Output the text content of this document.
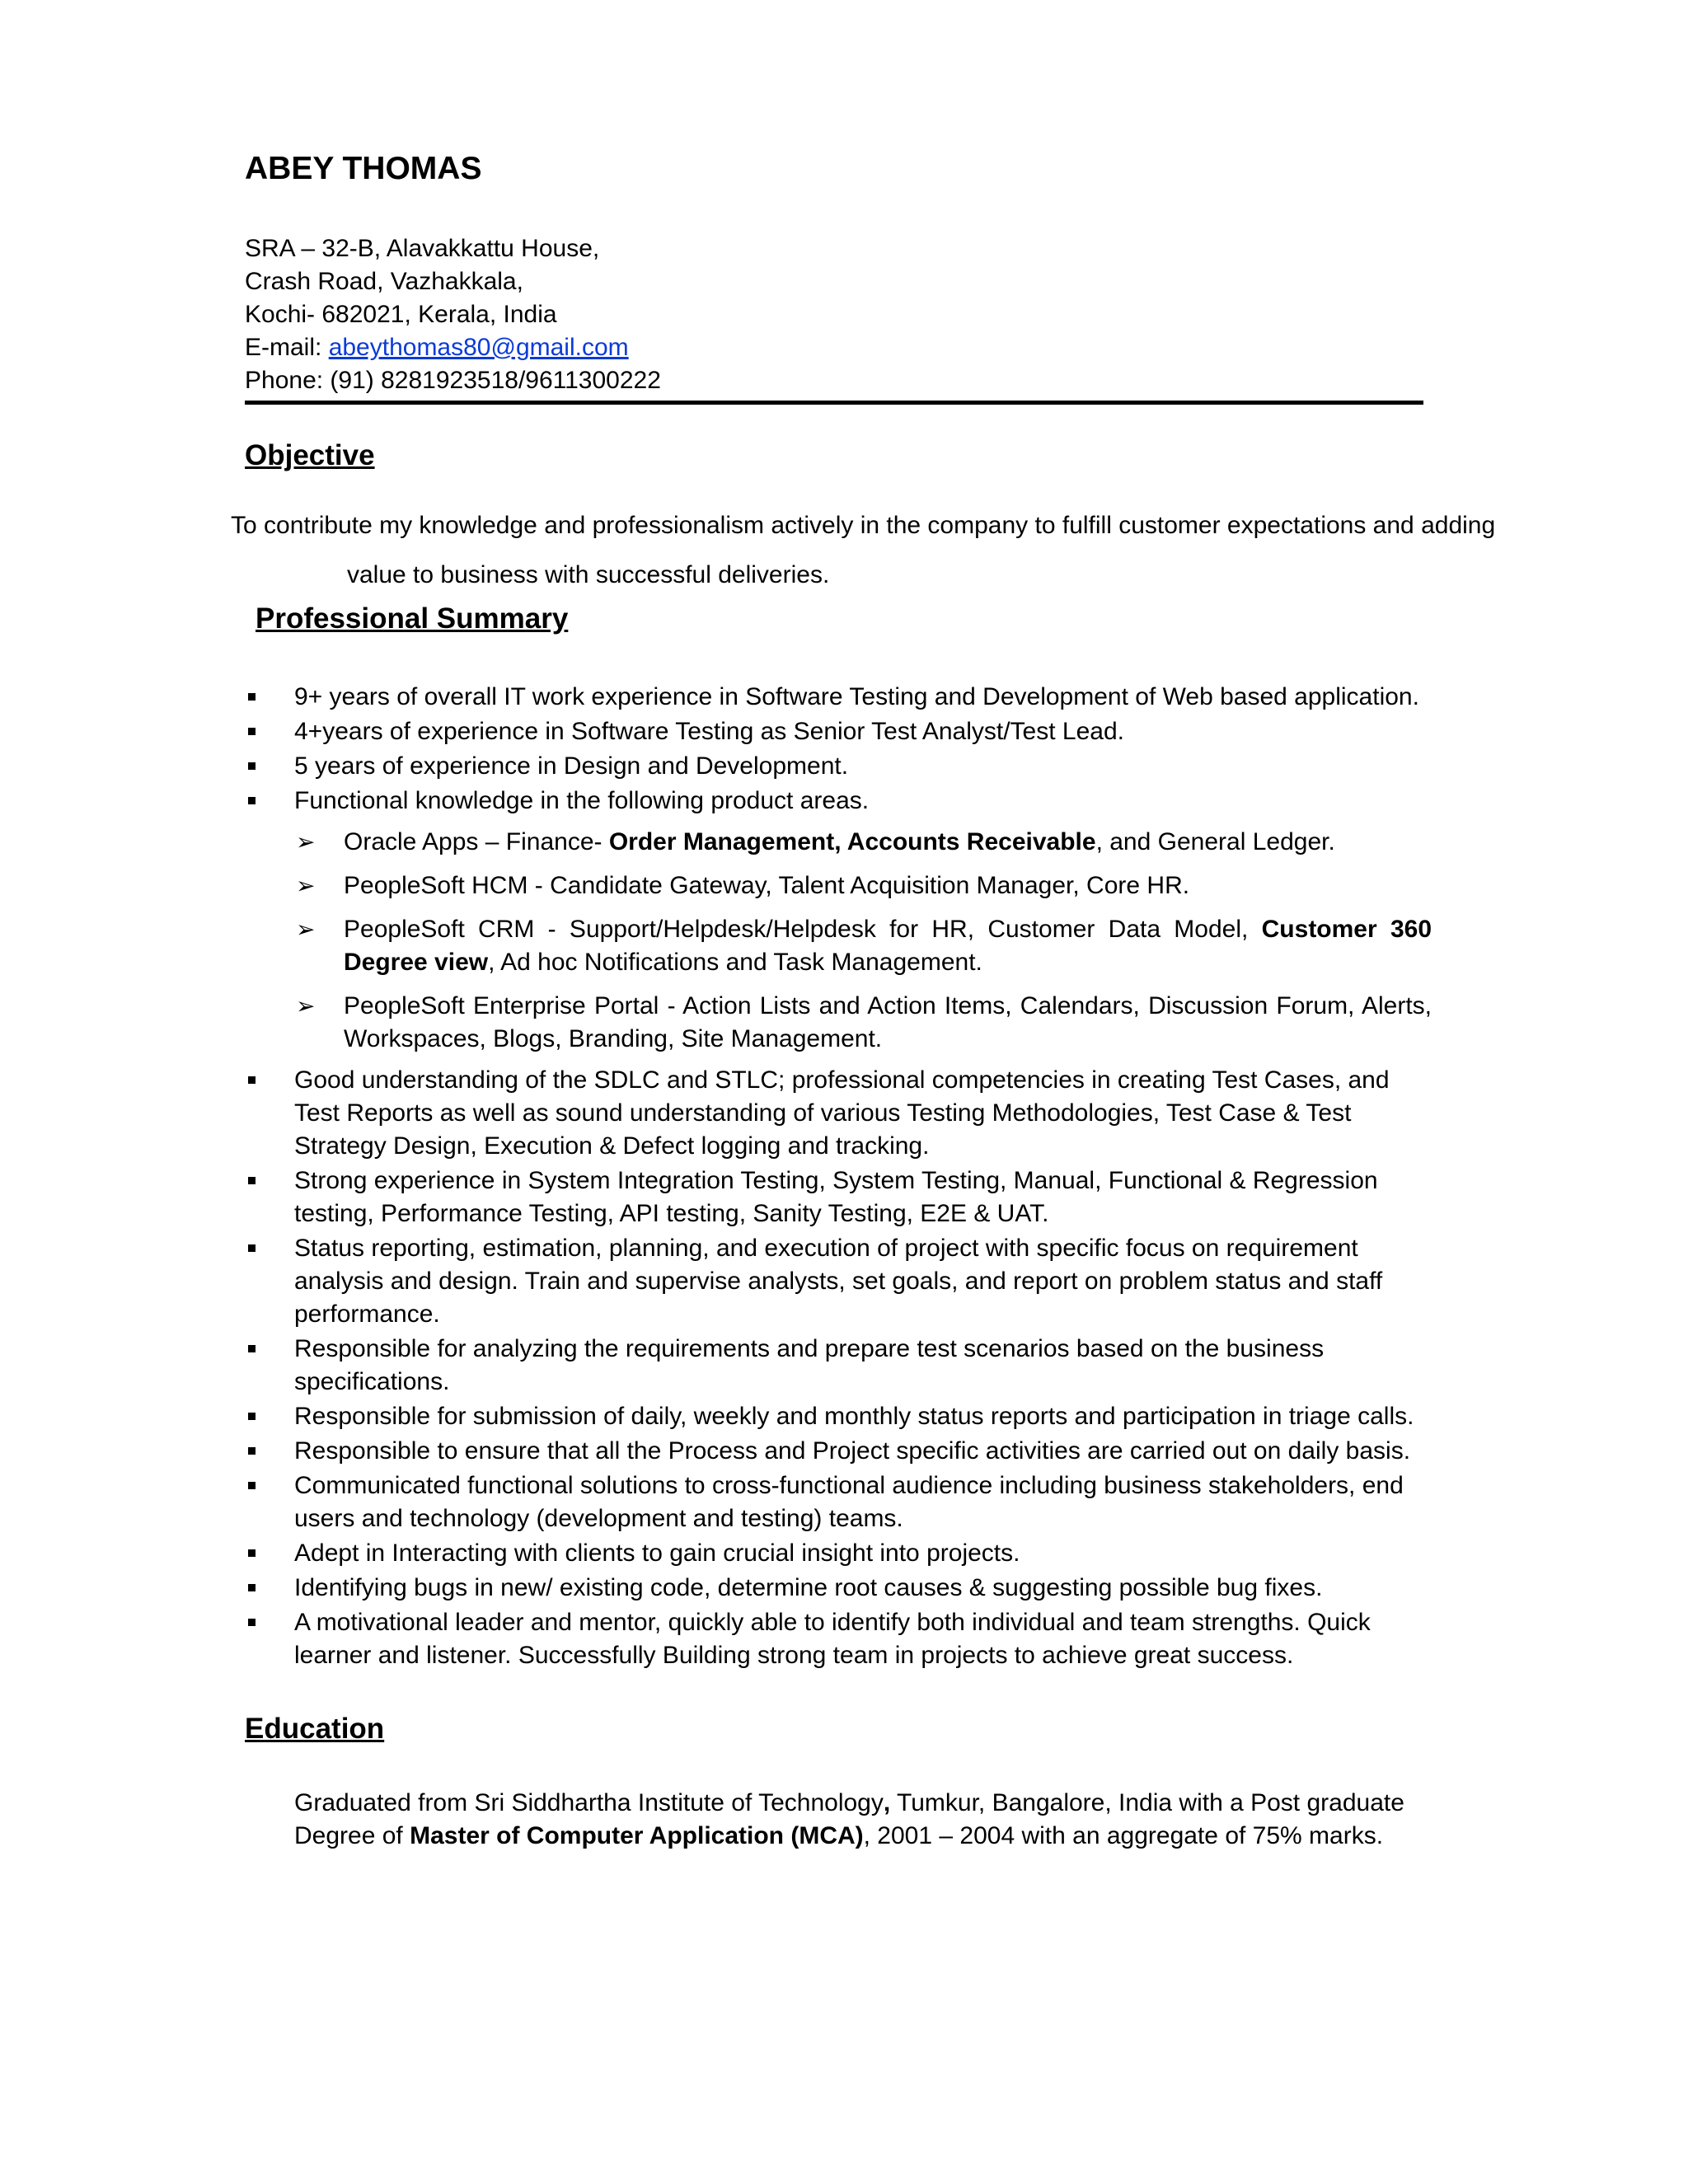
ABEY THOMAS
SRA – 32-B, Alavakkattu House,
Crash Road, Vazhakkala,
Kochi- 682021, Kerala, India
E-mail: abeythomas80@gmail.com
Phone: (91) 8281923518/9611300222
Objective
To contribute my knowledge and professionalism actively in the company to fulfill customer expectations and adding
value to business with successful deliveries.
Professional Summary
9+ years of overall IT work experience in Software Testing and Development of Web based application.
4+years of experience in Software Testing as Senior Test Analyst/Test Lead.
5 years of experience in Design and Development.
Functional knowledge in the following product areas.
➢ Oracle Apps – Finance- Order Management, Accounts Receivable, and General Ledger.
➢ PeopleSoft HCM - Candidate Gateway, Talent Acquisition Manager, Core HR.
➢ PeopleSoft CRM - Support/Helpdesk/Helpdesk for HR, Customer Data Model, Customer 360 Degree view, Ad hoc Notifications and Task Management.
➢ PeopleSoft Enterprise Portal - Action Lists and Action Items, Calendars, Discussion Forum, Alerts, Workspaces, Blogs, Branding, Site Management.
Good understanding of the SDLC and STLC; professional competencies in creating Test Cases, and Test Reports as well as sound understanding of various Testing Methodologies, Test Case & Test Strategy Design, Execution & Defect logging and tracking.
Strong experience in System Integration Testing, System Testing, Manual, Functional & Regression testing, Performance Testing, API testing, Sanity Testing, E2E & UAT.
Status reporting, estimation, planning, and execution of project with specific focus on requirement analysis and design. Train and supervise analysts, set goals, and report on problem status and staff performance.
Responsible for analyzing the requirements and prepare test scenarios based on the business specifications.
Responsible for submission of daily, weekly and monthly status reports and participation in triage calls.
Responsible to ensure that all the Process and Project specific activities are carried out on daily basis.
Communicated functional solutions to cross-functional audience including business stakeholders, end users and technology (development and testing) teams.
Adept in Interacting with clients to gain crucial insight into projects.
Identifying bugs in new/ existing code, determine root causes & suggesting possible bug fixes.
A motivational leader and mentor, quickly able to identify both individual and team strengths. Quick learner and listener. Successfully Building strong team in projects to achieve great success.
Education
Graduated from Sri Siddhartha Institute of Technology, Tumkur, Bangalore, India with a Post graduate
Degree of Master of Computer Application (MCA), 2001 – 2004 with an aggregate of 75% marks.
